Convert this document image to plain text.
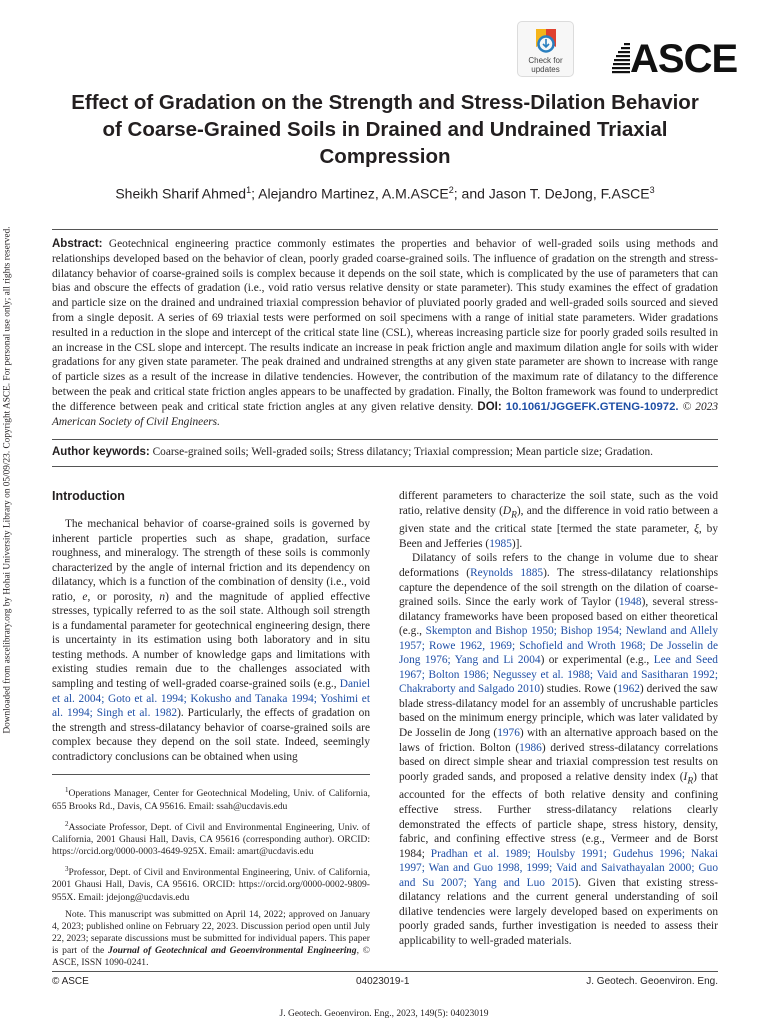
Downloaded from ascelibrary.org by Hohai University Library on 05/09/23. Copyright ASCE. For personal use only; all rights reserved.
Check for
updates	ASCE
Effect of Gradation on the Strength and Stress-Dilation Behavior of Coarse-Grained Soils in Drained and Undrained Triaxial Compression

Sheikh Sharif Ahmed$^1$; Alejandro Martinez, A.M.ASCE$^2$; and Jason T. DeJong, F.ASCE$^3$

Abstract: Geotechnical engineering practice commonly estimates the properties and behavior of well-graded soils using methods and relationships developed based on the behavior of clean, poorly graded coarse-grained soils. The influence of gradation on the strength and stress-dilatancy behavior of coarse-grained soils is complex because it depends on the soil state, which is complicated by the use of parameters that can bias and obscure the effects of gradation (i.e., void ratio versus relative density or state parameter). This study examines the effect of gradation and particle size on the drained and undrained triaxial compression behavior of pluviated poorly graded and well-graded soils sourced and sieved from a single deposit. A series of 69 triaxial tests were performed on soil specimens with a range of initial state parameters. Wider gradations resulted in a reduction in the slope and intercept of the critical state line (CSL), whereas increasing particle size for poorly graded soils resulted in an increase in the CSL slope and intercept. The results indicate an increase in peak friction angle and maximum dilation angle for soils with wider gradations for any given state parameter. The peak drained and undrained strengths at any given state parameter are shown to increase with range of particle sizes as a result of the increase in dilative tendencies. However, the contribution of the maximum rate of dilatancy to the difference between the peak and critical state friction angles appears to be unaffected by gradation. Finally, the Bolton framework was found to underpredict the difference between peak and critical state friction angles at any given relative density. DOI: 10.1061/JGGEFK.GTENG-10972. © 2023 American Society of Civil Engineers.

Author keywords: Coarse-grained soils; Well-graded soils; Stress dilatancy; Triaxial compression; Mean particle size; Gradation.

Introduction

The mechanical behavior of coarse-grained soils is governed by inherent particle properties such as shape, gradation, surface roughness, and mineralogy. The strength of these soils is commonly characterized by the angle of internal friction and its dependency on dilatancy, which is a function of the combination of density (i.e., void ratio, e, or porosity, n) and the magnitude of applied effective stresses, typically referred to as the soil state. Although soil strength is a fundamental parameter for geotechnical engineering design, there is uncertainty in its estimation using both laboratory and in situ testing methods. A number of knowledge gaps and limitations with existing studies remain due to the challenges associated with sampling and testing of well-graded coarse-grained soils (e.g., Daniel et al. 2004; Goto et al. 1994; Kokusho and Tanaka 1994; Yoshimi et al. 1994; Singh et al. 1982). Particularly, the effects of gradation on the strength and stress-dilatancy behavior of coarse-grained soils are complex because they depend on the soil state. Indeed, seemingly contradictory conclusions can be obtained when using

$^1$Operations Manager, Center for Geotechnical Modeling, Univ. of California, 655 Brooks Rd., Davis, CA 95616. Email: ssah@ucdavis.edu

$^2$Associate Professor, Dept. of Civil and Environmental Engineering, Univ. of California, 2001 Ghausi Hall, Davis, CA 95616 (corresponding author). ORCID: https://orcid.org/0000-0003-4649-925X. Email: amart@ucdavis.edu

$^3$Professor, Dept. of Civil and Environmental Engineering, Univ. of California, 2001 Ghausi Hall, Davis, CA 95616. ORCID: https://orcid.org/0000-0002-9809-955X. Email: jdejong@ucdavis.edu

Note. This manuscript was submitted on April 14, 2022; approved on January 4, 2023; published online on February 22, 2023. Discussion period open until July 22, 2023; separate discussions must be submitted for individual papers. This paper is part of the Journal of Geotechnical and Geoenvironmental Engineering, © ASCE, ISSN 1090-0241.

different parameters to characterize the soil state, such as the void ratio, relative density $(D_R)$, and the difference in void ratio between a given state and the critical state [termed the state parameter, ξ, by Been and Jefferies (1985)].

Dilatancy of soils refers to the change in volume due to shear deformations (Reynolds 1885). The stress-dilatancy relationships capture the dependence of the soil strength on the dilation of coarse-grained soils. Since the early work of Taylor (1948), several stress-dilatancy frameworks have been proposed based on either theoretical (e.g., Skempton and Bishop 1950; Bishop 1954; Newland and Allely 1957; Rowe 1962, 1969; Schofield and Wroth 1968; De Josselin de Jong 1976; Yang and Li 2004) or experimental (e.g., Lee and Seed 1967; Bolton 1986; Negussey et al. 1988; Vaid and Sasitharan 1992; Chakraborty and Salgado 2010) studies. Rowe (1962) derived the saw blade stress-dilatancy model for an assembly of uncrushable particles based on the minimum energy principle, which was later validated by De Josselin de Jong (1976) with an alternative approach based on the laws of friction. Bolton (1986) derived stress-dilatancy correlations based on direct simple shear and triaxial compression test results on poorly graded sands, and proposed a relative density index $(I_R)$ that accounted for the effects of both relative density and confining effective stress. Further stress-dilatancy relations clearly demonstrated the effects of particle shape, stress history, density, fabric, and confining effective stress (e.g., Vermeer and de Borst 1984; Pradhan et al. 1989; Houlsby 1991; Gudehus 1996; Nakai 1997; Wan and Guo 1998, 1999; Vaid and Saivathayalan 2000; Guo and Su 2007; Yang and Luo 2015). Given that existing stress-dilatancy relations and the current general understanding of soil dilative tendencies were largely developed based on experiments on poorly graded sands, further investigation is needed to assess their applicability to well-graded materials.

© ASCE	04023019-1	J. Geotech. Geoenviron. Eng.
J. Geotech. Geoenviron. Eng., 2023, 149(5): 04023019
